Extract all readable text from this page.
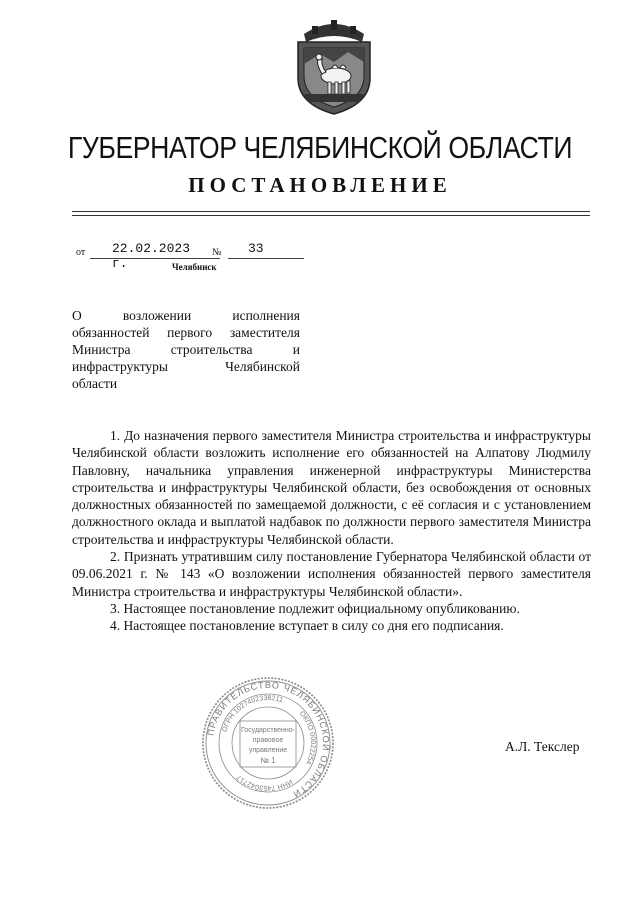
ГУБЕРНАТОР ЧЕЛЯБИНСКОЙ ОБЛАСТИ
ПОСТАНОВЛЕНИЕ
от 22.02.2023 г.
№ 33
Челябинск
О возложении исполнения
обязанностей первого заместителя
Министра строительства и
инфраструктуры Челябинской
области

1. До назначения первого заместителя Министра строительства и инфраструктуры Челябинской области возложить исполнение его обязанностей на Алпатову Людмилу Павловну, начальника управления инженерной инфраструктуры Министерства строительства и инфраструктуры Челябинской области, без освобождения от основных должностных обязанностей по замещаемой должности, с её согласия и с установлением должностного оклада и выплатой надбавок по должности первого заместителя Министра строительства и инфраструктуры Челябинской области.

2. Признать утратившим силу постановление Губернатора Челябинской области от 09.06.2021 г. № 143 «О возложении исполнения обязанностей первого заместителя Министра строительства и инфраструктуры Челябинской области».

3. Настоящее постановление подлежит официальному опубликованию.

4. Настоящее постановление вступает в силу со дня его подписания.

ПРАВИТЕЛЬСТВО ЧЕЛЯБИНСКОЙ ОБЛАСТИ
ОГРН 1027402338211
ОКПО 00022254
ИНН 7453042717
Государственно-
правовое
управление
№ 1
А.Л. Текслер
